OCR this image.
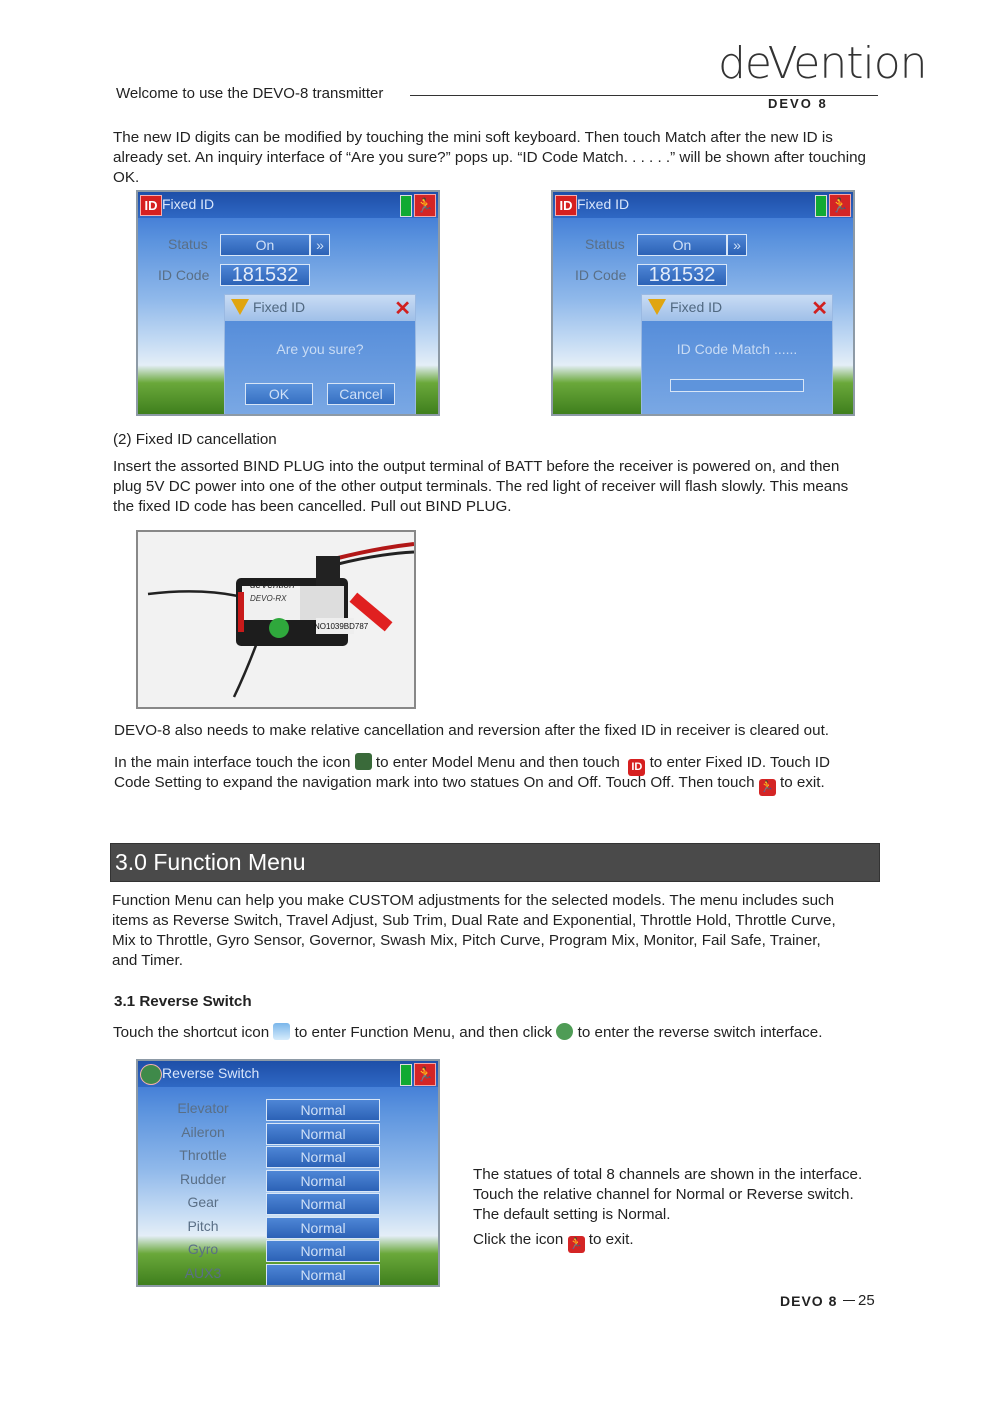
Welcome to use the DEVO-8 transmitter
deVention
DEVO 8
The new ID digits can be modified by touching the mini soft keyboard. Then touch Match after the new ID is
already set. An inquiry interface of “Are you sure?” pops up. “ID Code Match. . . . . .” will be shown after touching
OK.
ID Fixed ID	🏃
Status	On	»
ID Code	181532
Fixed ID	✕
Are you sure?
OK	Cancel
ID Fixed ID	🏃
Status	On	»
ID Code	181532
Fixed ID	✕
ID Code Match ......
(2) Fixed ID cancellation
Insert the assorted BIND PLUG into the output terminal of BATT before the receiver is powered on, and then
plug 5V DC power into one of the other output terminals. The red light of receiver will flash slowly. This means
the fixed ID code has been cancelled. Pull out BIND PLUG.
deVention
DEVO-RX
NO1039BD787
DEVO-8 also needs to make relative cancellation and reversion after the fixed ID in receiver is cleared out.
In the main interface touch the icon to enter Model Menu and then touch ID to enter Fixed ID. Touch ID
Code Setting to expand the navigation mark into two statues On and Off. Touch Off. Then touch 🏃 to exit.
3.0 Function Menu
Function Menu can help you make CUSTOM adjustments for the selected models. The menu includes such
items as Reverse Switch, Travel Adjust, Sub Trim, Dual Rate and Exponential, Throttle Hold, Throttle Curve,
Mix to Throttle, Gyro Sensor, Governor, Swash Mix, Pitch Curve, Program Mix, Monitor, Fail Safe, Trainer,
and Timer.
3.1 Reverse Switch
Touch the shortcut icon to enter Function Menu, and then click to enter the reverse switch interface.
Reverse Switch	🏃
Elevator	Normal
Aileron	Normal
Throttle	Normal
Rudder	Normal
Gear	Normal
Pitch	Normal
Gyro	Normal
AUX3	Normal
The statues of total 8 channels are shown in the interface.
Touch the relative channel for Normal or Reverse switch.
The default setting is Normal.
Click the icon 🏃 to exit.
DEVO 8 25
